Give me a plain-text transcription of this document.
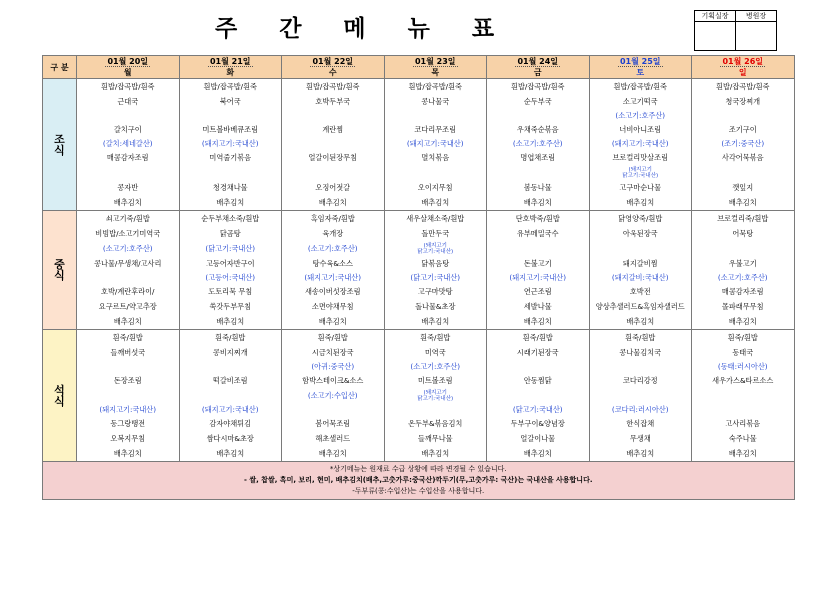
주간메뉴표	기획실장	병원장

구 분	01월 20일	01월 21일	01월 22일	01월 23일	01월 24일	01월 25일	01월 26일
	월	화	수	목	금	토	일
조
식	흰밥/잡곡밥/흰죽	흰밥/잡곡밥/흰죽	흰밥/잡곡밥/흰죽	흰밥/잡곡밥/흰죽	흰밥/잡곡밥/흰죽	흰밥/잡곡밥/흰죽	흰밥/잡곡밥/흰죽
	근대국	북어국	호박두부국	콩나물국	순두부국	소고기떡국	청국장찌개
						(소고기:호주산)	
	갈치구이	미트볼바베큐조림	계란찜	코다리무조림	우채죽순볶음	너비아니조림	조기구이
	(갈치:세네갈산)	(돼지고기:국내산)		(돼지고기:국내산)	(소고기:호주산)	(돼지고기:국내산)	(조기:중국산)
	매콤감자조림	미역줄기볶음	얼갈이된장무침	멸치볶음	명엽채조림	브로컬리맛살조림	사각어묵볶음

						(돼지고기
닭고기:국내산)	

	콩자반	청경채나물	오징어젓갈	오이지무침	봄동나물	고구마순나물	깻잎지
	배추김치	배추김치	배추김치	배추김치	배추김치	배추김치	배추김치
중
식	쇠고기죽/흰밥	순두부채소죽/흰밥	흑임자죽/흰밥	새우살채소죽/흰밥	단호박죽/흰밥	닭영양죽/흰밥	브로컬리죽/흰밥
	비빔밥/소고기미역국	닭곰탕	육개장	돌만두국	유부메밀국수	아욱된장국	어묵탕
	(소고기:호주산)	(닭고기:국내산)	(소고기:호주산)	(돼지고기
닭고기:국내산)			

	콩나물/무생채/고사리	고등어자반구이	탕수육&소스	닭볶음탕	돈불고기	돼지갈비찜	우불고기
		(고등어:국내산)	(돼지고기:국내산)	(닭고기:국내산)	(돼지고기:국내산)	(돼지갈비:국내산)	(소고기:호주산)
	호박/계란후라이/	도토리묵 무침	새송이버섯장조림	고구마맛탕	연근조림	호박전	매콤감자조림
	요구르트/약고추장	쑥갓두부무침	소면야채무침	돌나물&초장	세발나물	양상추샐러드&흑임자샐러드	몰파래무무침
	배추김치	배추김치	배추김치	배추김치	배추김치	배추김치	배추김치
석
식	흰죽/흰밥	흰죽/흰밥	흰죽/흰밥	흰죽/흰밥	흰죽/흰밥	흰죽/흰밥	흰죽/흰밥
	들깨버섯국	콩비지찌개	시금치된장국	미역국	시래기된장국	콩나물김치국	동태국
			(아귀:중국산)	(소고기:호주산)			(동태:러시아산)
	돈장조림	떡갈비조림	함박스테이크&소스	미트볼조림	안동찜닭	코다리강정	새우가스&타르소스
			(소고기:수입산)	(돼지고기
닭고기:국내산)			

	(돼지고기:국내산)	(돼지고기:국내산)			(닭고기:국내산)	(코다리:러시아산)	
	동그랑땡전	감자야채튀김	봄어묵조림	온두부&볶음김치	두부구이&양념장	한식잡채	고사리볶음
	오복지무침	쌈다시마&초장	해초샐러드	들깨무나물	얼갈이나물	무생채	숙주나물
	배추김치	배추김치	배추김치	배추김치	배추김치	배추김치	배추김치

*상기메뉴는 원재료 수급 상황에 따라 변경될 수 있습니다.
- 쌀, 찹쌀, 흑미, 보리, 현미, 배추김치(배추,고춧가루:중국산)깍두기(무,고춧가루: 국산)는 국내산을 사용합니다.
-두부류(콩:수입산)는 수입산을 사용합니다.							
